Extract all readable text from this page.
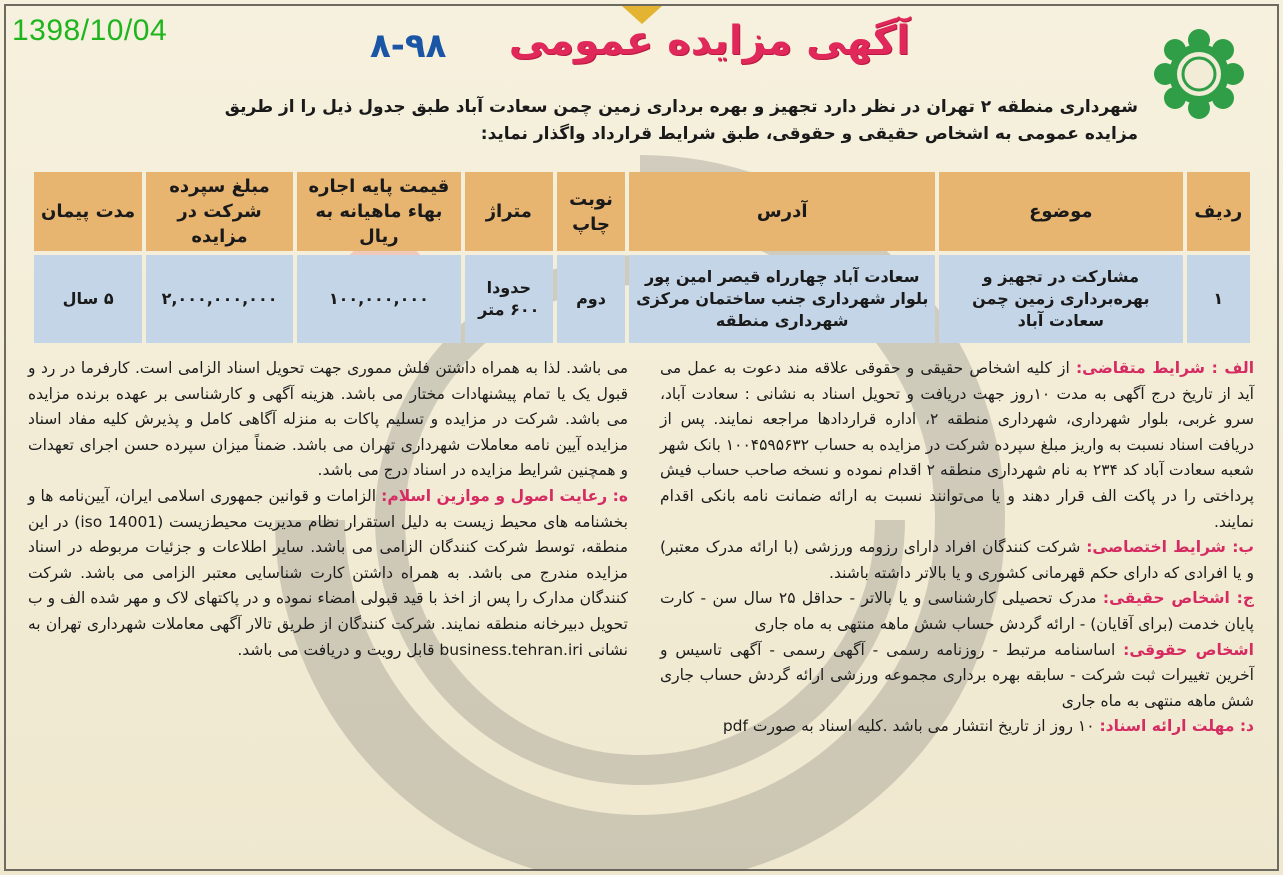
1398/10/04	آگهی مزایده عمومی
۸-۹۸
شهرداری منطقه ۲ تهران در نظر دارد تجهیز و بهره برداری زمین چمن سعادت آباد طبق جدول ذیل را از طریق مزایده عمومی به اشخاص حقیقی و حقوقی، طبق شرایط قرارداد واگذار نماید:
ردیف	موضوع	آدرس	نوبت چاپ	متراژ	قیمت پایه اجاره بهاء ماهیانه به ریال	مبلغ سپرده شرکت در مزایده	مدت پیمان
۱	مشارکت در تجهیز و بهره‌برداری زمین چمن سعادت آباد	سعادت آباد چهارراه قیصر امین پور بلوار شهرداری جنب ساختمان مرکزی شهرداری منطقه	دوم	حدودا ۶۰۰ متر	۱۰۰,۰۰۰,۰۰۰	۲,۰۰۰,۰۰۰,۰۰۰	۵ سال

الف : شرایط متقاضی: از کلیه اشخاص حقیقی و حقوقی علاقه مند دعوت به عمل می آید از تاریخ درج آگهی به مدت ۱۰روز جهت دریافت و تحویل اسناد به نشانی : سعادت آباد، سرو غربی، بلوار شهرداری، شهرداری منطقه ۲، اداره قراردادها مراجعه نمایند. پس از دریافت اسناد نسبت به واریز مبلغ سپرده شرکت در مزایده به حساب ۱۰۰۴۵۹۵۶۳۲ بانک شهر شعبه سعادت آباد کد ۲۳۴ به نام شهرداری منطقه ۲ اقدام نموده و نسخه صاحب حساب فیش پرداختی را در پاکت الف قرار دهند و یا می‌توانند نسبت به ارائه ضمانت نامه بانکی اقدام نمایند.

ب: شرایط اختصاصی: شرکت کنندگان افراد دارای رزومه ورزشی (با ارائه مدرک معتبر) و یا افرادی که دارای حکم قهرمانی کشوری و یا بالاتر داشته باشند.

ج: اشخاص حقیقی: مدرک تحصیلی کارشناسی و یا بالاتر - حداقل ۲۵ سال سن - کارت پایان خدمت (برای آقایان) - ارائه گردش حساب شش ماهه منتهی به ماه جاری

اشخاص حقوقی: اساسنامه مرتبط - روزنامه رسمی - آگهی رسمی - آگهی تاسیس و آخرین تغییرات ثبت شرکت - سابقه بهره برداری مجموعه ورزشی ارائه گردش حساب جاری شش ماهه منتهی به ماه جاری

د: مهلت ارائه اسناد: ۱۰ روز از تاریخ انتشار می باشد .کلیه اسناد به صورت pdf

می باشد. لذا به همراه داشتن فلش مموری جهت تحویل اسناد الزامی است. کارفرما در رد و قبول یک یا تمام پیشنهادات مختار می باشد. هزینه آگهی و کارشناسی بر عهده برنده مزایده می باشد. شرکت در مزایده و تسلیم پاکات به منزله آگاهی کامل و پذیرش کلیه مفاد اسناد مزایده آیین نامه معاملات شهرداری تهران می باشد. ضمناً میزان سپرده حسن اجرای تعهدات و همچنین شرایط مزایده در اسناد درج می باشد.

ه: رعایت اصول و موازین اسلام: الزامات و قوانین جمهوری اسلامی ایران، آیین‌نامه ها و بخشنامه های محیط زیست به دلیل استقرار نظام مدیریت محیط‌زیست (iso 14001) در این منطقه، توسط شرکت کنندگان الزامی می باشد. سایر اطلاعات و جزئیات مربوطه در اسناد مزایده مندرج می باشد. به همراه داشتن کارت شناسایی معتبر الزامی می باشد. شرکت کنندگان مدارک را پس از اخذ با قید قبولی امضاء نموده و در پاکتهای لاک و مهر شده الف و ب تحویل دبیرخانه منطقه نمایند. شرکت کنندگان از طریق تالار آگهی معاملات شهرداری تهران به نشانی business.tehran.iri قابل رویت و دریافت می باشد.
